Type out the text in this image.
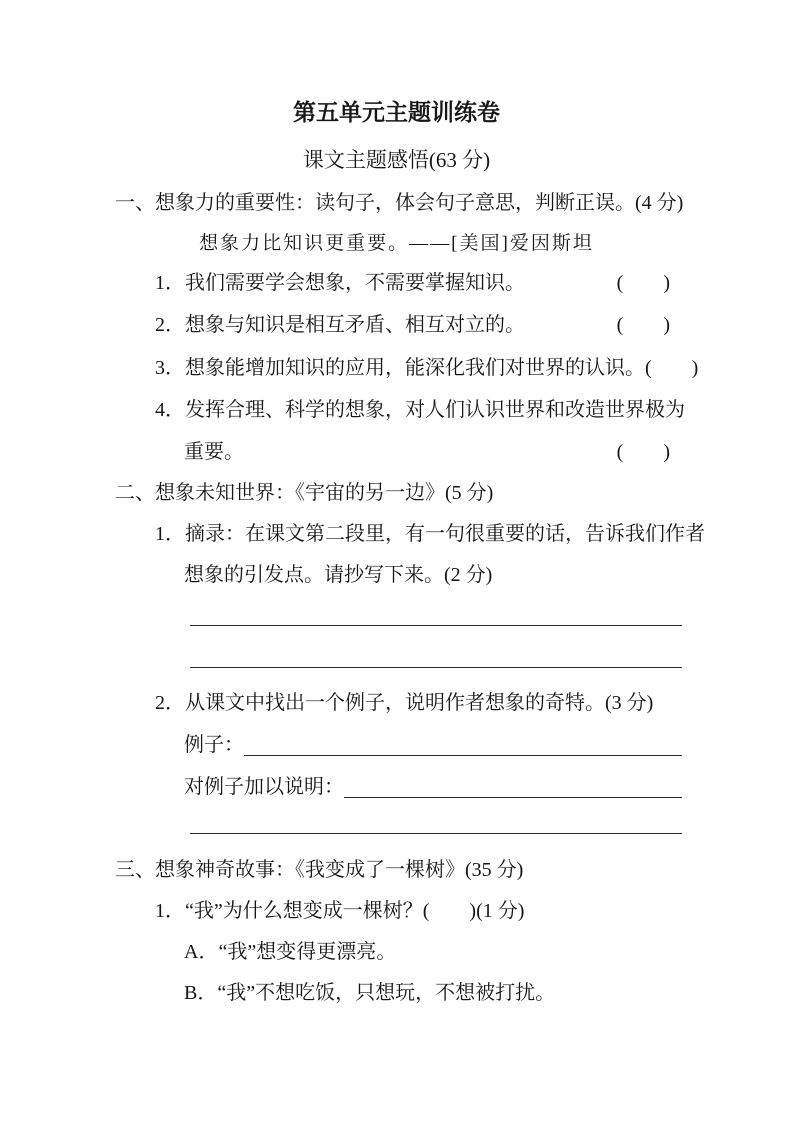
第五单元主题训练卷
课文主题感悟(63 分)
一、想象力的重要性：读句子，体会句子意思，判断正误。(4 分)
想象力比知识更重要。——[美国]爱因斯坦
1．我们需要学会想象，不需要掌握知识。	(　　)
2．想象与知识是相互矛盾、相互对立的。	(　　)
3．想象能增加知识的应用，能深化我们对世界的认识。(　　)
4．发挥合理、科学的想象，对人们认识世界和改造世界极为
重要。	(　　)
二、想象未知世界：《宇宙的另一边》(5 分)
1．摘录：在课文第二段里，有一句很重要的话，告诉我们作者
想象的引发点。请抄写下来。(2 分)
2．从课文中找出一个例子，说明作者想象的奇特。(3 分)
例子：
对例子加以说明：
三、想象神奇故事：《我变成了一棵树》(35 分)
1．“我”为什么想变成一棵树？(　　)(1 分)
A．“我”想变得更漂亮。
B．“我”不想吃饭，只想玩，不想被打扰。
